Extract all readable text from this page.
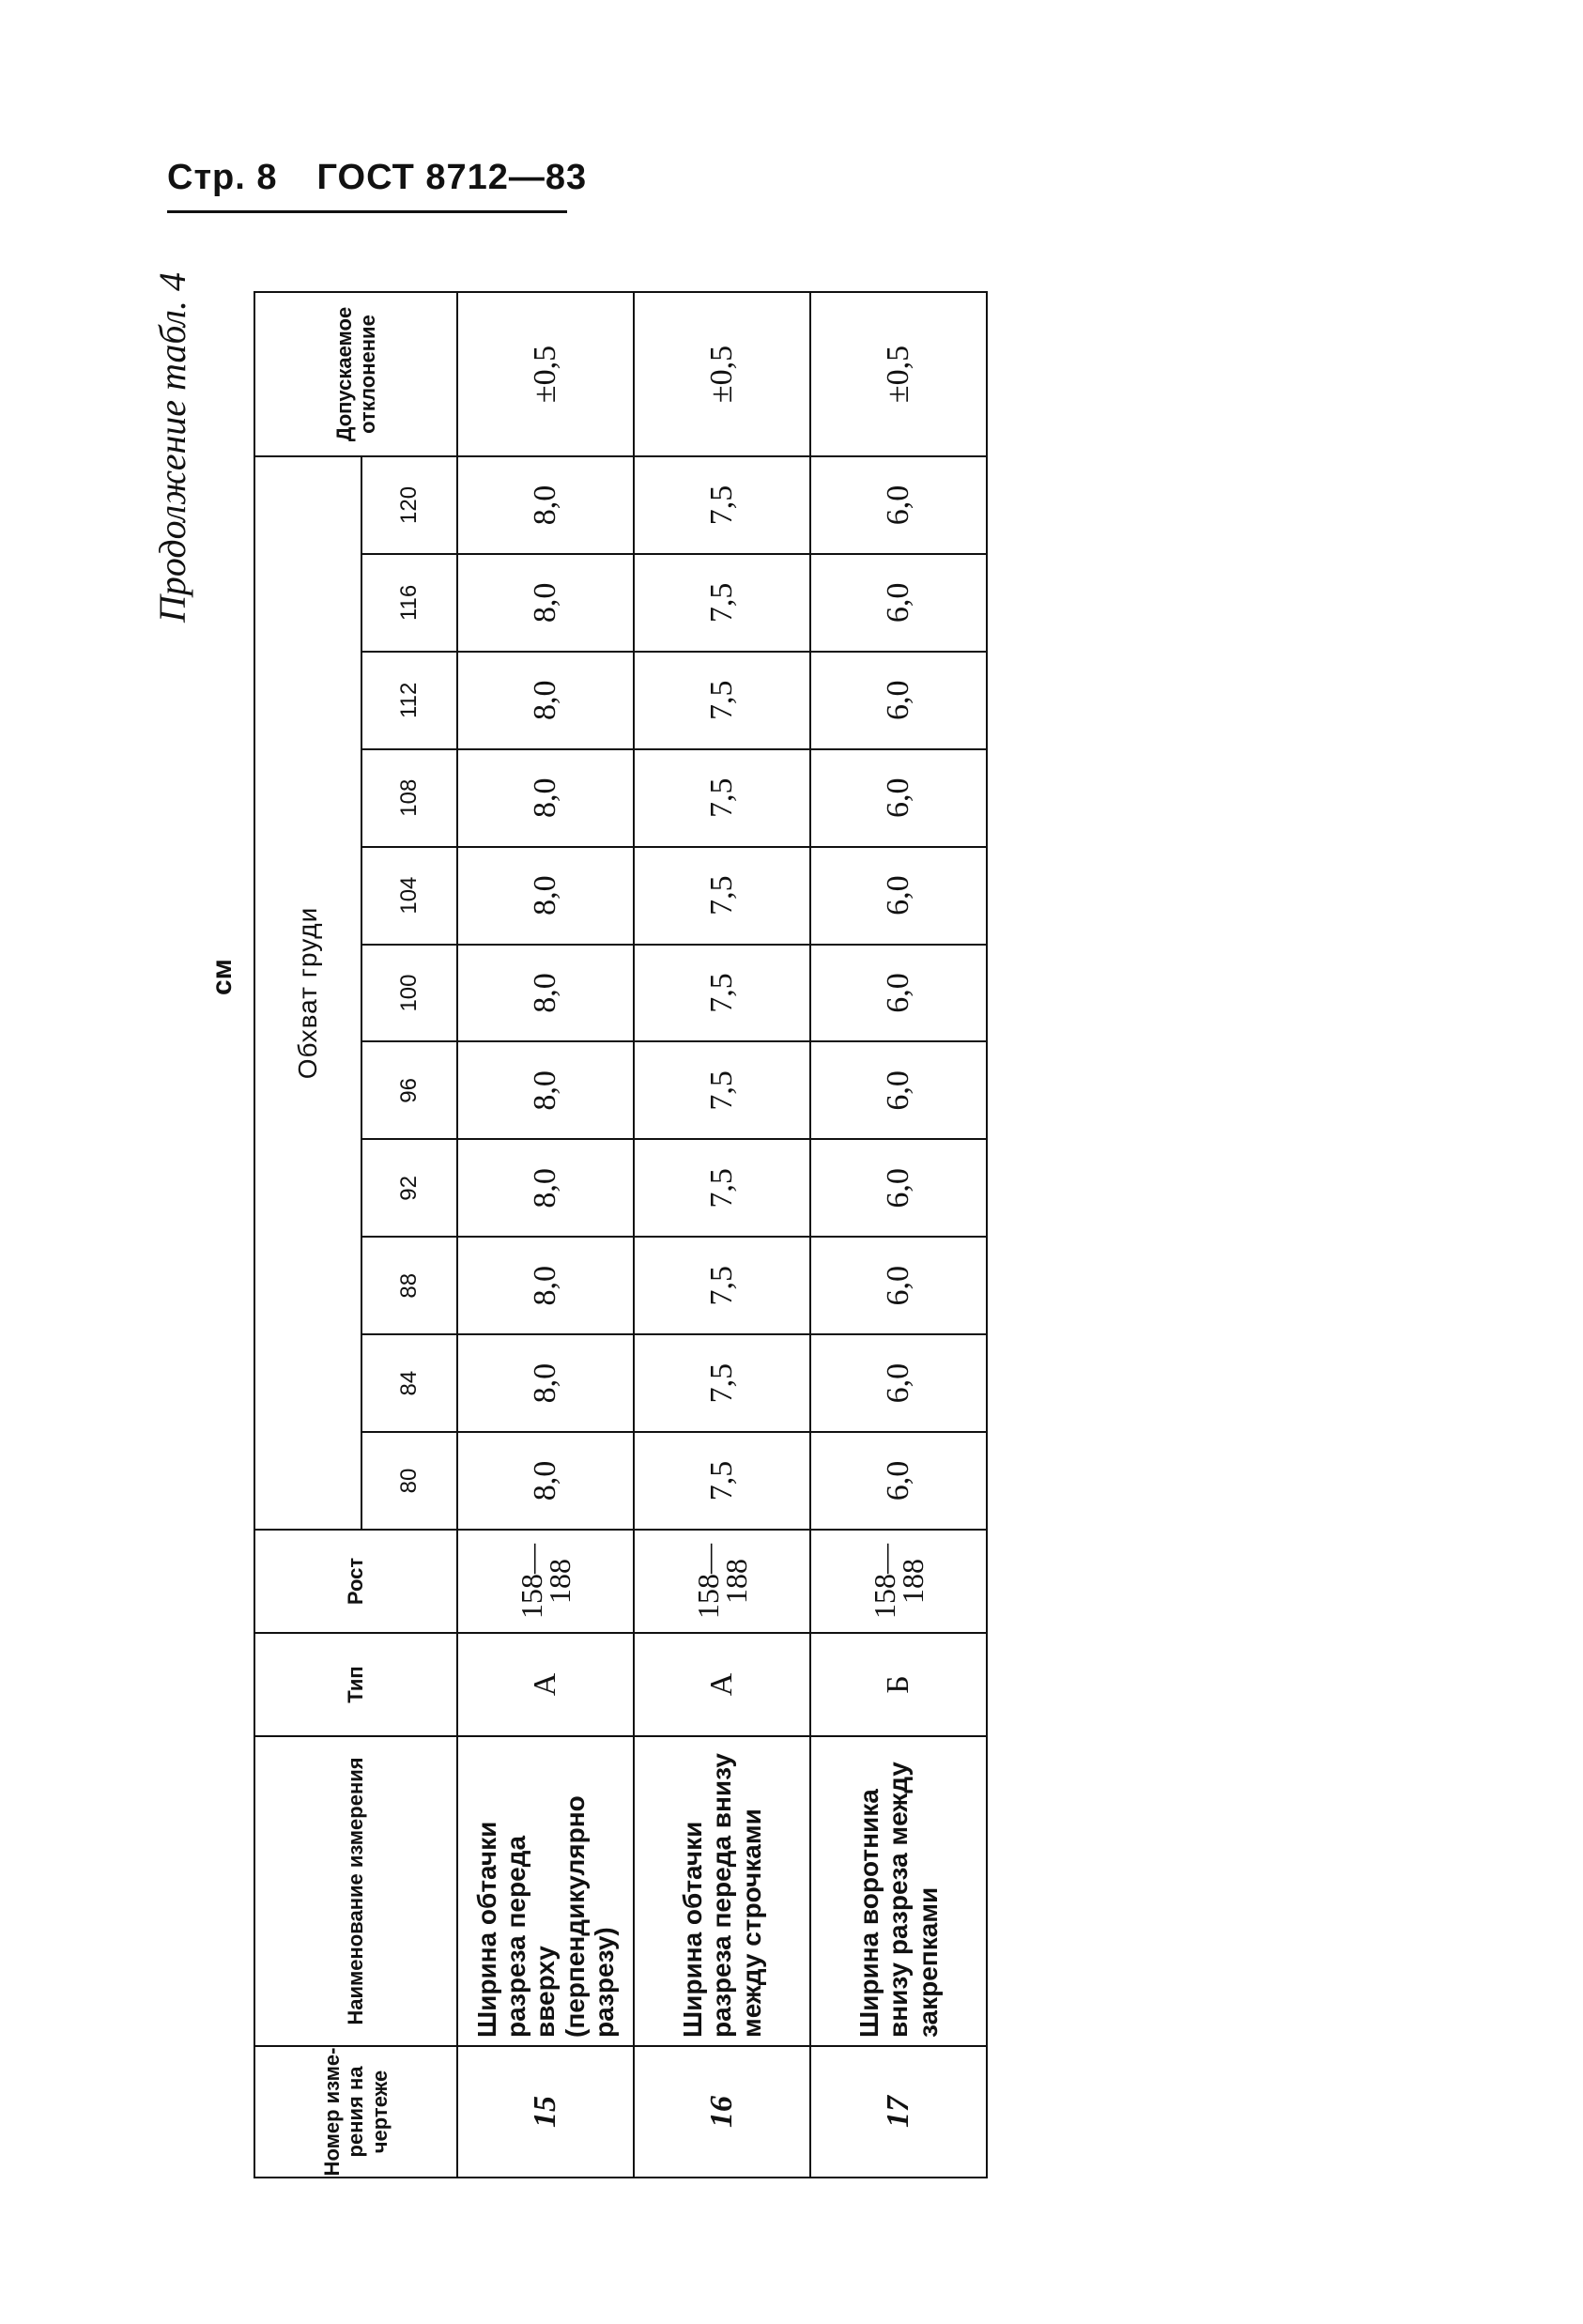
Стр. 8 ГОСТ 8712—83
Продолжение табл. 4
см
Номер изме- рения на чертеже	Наименование измерения	Тип	Рост	Обхват груди											Допускаемое отклонение
				80	84	88	92	96	100	104	108	112	116	120	
15	Ширина обтачки разреза переда вверху (перпендикулярно разрезу)	А	158— 188	8,0	8,0	8,0	8,0	8,0	8,0	8,0	8,0	8,0	8,0	8,0	±0,5
16	Ширина обтачки разреза переда внизу между строчками	А	158— 188	7,5	7,5	7,5	7,5	7,5	7,5	7,5	7,5	7,5	7,5	7,5	±0,5
17	Ширина воротника внизу разреза между закрепками	Б	158— 188	6,0	6,0	6,0	6,0	6,0	6,0	6,0	6,0	6,0	6,0	6,0	±0,5
